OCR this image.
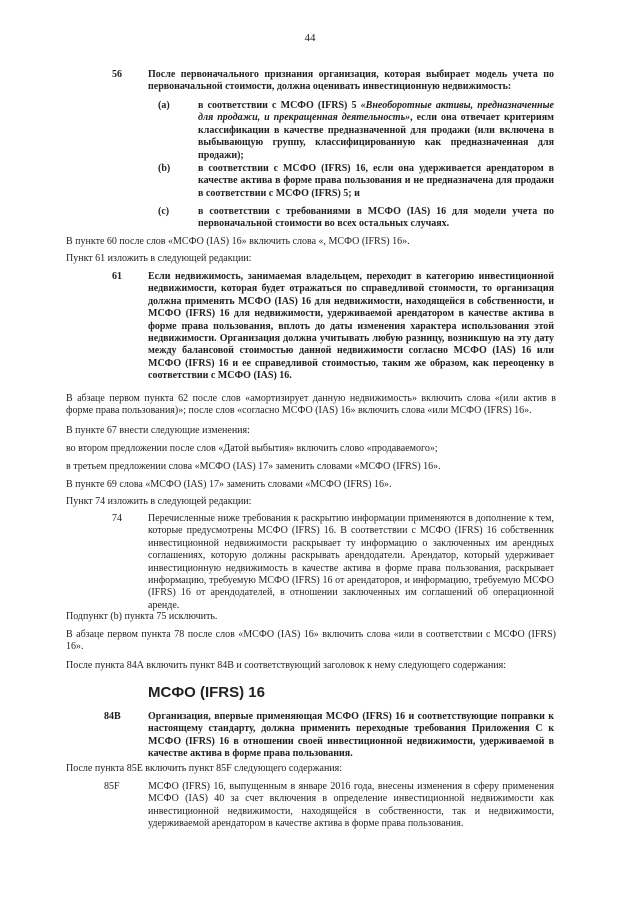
44
56	После первоначального признания организация, которая выбирает модель учета по первоначальной стоимости, должна оценивать инвестиционную недвижимость:
(a)	в соответствии с МСФО (IFRS) 5 «Внеоборотные активы, предназначенные для продажи, и прекращенная деятельность», если она отвечает критериям классификации в качестве предназначенной для продажи (или включена в выбывающую группу, классифицированную как предназначенная для продажи);
(b)	в соответствии с МСФО (IFRS) 16, если она удерживается арендатором в качестве актива в форме права пользования и не предназначена для продажи в соответствии с МСФО (IFRS) 5; и
(c)	в соответствии с требованиями в МСФО (IAS) 16 для модели учета по первоначальной стоимости во всех остальных случаях.
В пункте 60 после слов «МСФО (IAS) 16» включить слова «, МСФО (IFRS) 16».
Пункт 61 изложить в следующей редакции:
61	Если недвижимость, занимаемая владельцем, переходит в категорию инвестиционной недвижимости, которая будет отражаться по справедливой стоимости, то организация должна применять МСФО (IAS) 16 для недвижимости, находящейся в собственности, и МСФО (IFRS) 16 для недвижимости, удерживаемой арендатором в качестве актива в форме права пользования, вплоть до даты изменения характера использования этой недвижимости. Организация должна учитывать любую разницу, возникшую на эту дату между балансовой стоимостью данной недвижимости согласно МСФО (IAS) 16 или МСФО (IFRS) 16 и ее справедливой стоимостью, таким же образом, как переоценку в соответствии с МСФО (IAS) 16.
В абзаце первом пункта 62 после слов «амортизирует данную недвижимость» включить слова «(или актив в форме права пользования)»; после слов «согласно МСФО (IAS) 16» включить слова «или МСФО (IFRS) 16».
В пункте 67 внести следующие изменения:
во втором предложении после слов «Датой выбытия» включить слово «продаваемого»;
в третьем предложении слова «МСФО (IAS) 17» заменить словами «МСФО (IFRS) 16».
В пункте 69 слова «МСФО (IAS) 17» заменить словами «МСФО (IFRS) 16».
Пункт 74 изложить в следующей редакции:
74	Перечисленные ниже требования к раскрытию информации применяются в дополнение к тем, которые предусмотрены МСФО (IFRS) 16. В соответствии с МСФО (IFRS) 16 собственник инвестиционной недвижимости раскрывает ту информацию о заключенных им арендных соглашениях, которую должны раскрывать арендодатели. Арендатор, который удерживает инвестиционную недвижимость в качестве актива в форме права пользования, раскрывает информацию, требуемую МСФО (IFRS) 16 от арендаторов, и информацию, требуемую МСФО (IFRS) 16 от арендодателей, в отношении заключенных им соглашений об операционной аренде.
Подпункт (b) пункта 75 исключить.
В абзаце первом пункта 78 после слов «МСФО (IAS) 16» включить слова «или в соответствии с МСФО (IFRS) 16».
После пункта 84А включить пункт 84В и соответствующий заголовок к нему следующего содержания:
МСФО (IFRS) 16
84B	Организация, впервые применяющая МСФО (IFRS) 16 и соответствующие поправки к настоящему стандарту, должна применить переходные требования Приложения С к МСФО (IFRS) 16 в отношении своей инвестиционной недвижимости, удерживаемой в качестве актива в форме права пользования.
После пункта 85Е включить пункт 85F следующего содержания:
85F	МСФО (IFRS) 16, выпущенным в январе 2016 года, внесены изменения в сферу применения МСФО (IAS) 40 за счет включения в определение инвестиционной недвижимости как инвестиционной недвижимости, находящейся в собственности, так и недвижимости, удерживаемой арендатором в качестве актива в форме права пользования.
